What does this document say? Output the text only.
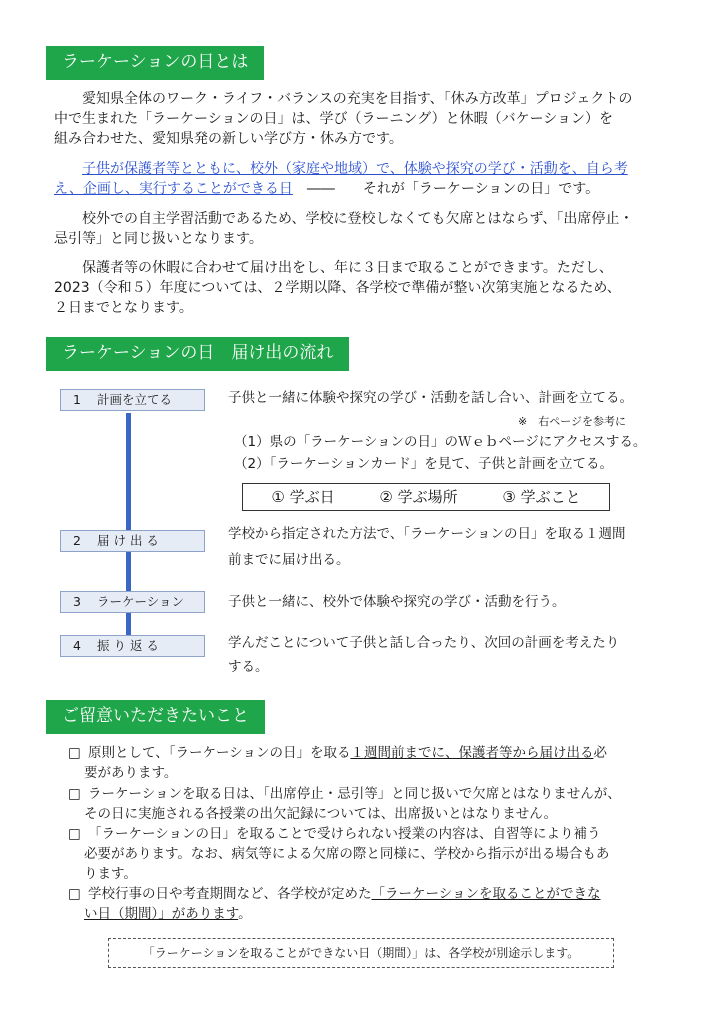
ラーケーションの日とは

愛知県全体のワーク・ライフ・バランスの充実を目指す、「休み方改革」プロジェクトの
中で生まれた「ラーケーションの日」は、学び（ラーニング）と休暇（バケーション）を
組み合わせた、愛知県発の新しい学び方・休み方です。

子供が保護者等とともに、校外（家庭や地域）で、体験や探究の学び・活動を、自ら考
え、企画し、実行することができる日　――　　それが「ラーケーションの日」です。

校外での自主学習活動であるため、学校に登校しなくても欠席とはならず、「出席停止・
忌引等」と同じ扱いとなります。

保護者等の休暇に合わせて届け出をし、年に３日まで取ることができます。ただし、
2023（令和５）年度については、２学期以降、各学校で準備が整い次第実施となるため、
２日までとなります。

ラーケーションの日　届け出の流れ
1 計画を立てる	子供と一緒に体験や探究の学び・活動を話し合い、計画を立てる。

※　右ページを参考に

（1）県の「ラーケーションの日」のＷｅｂページにアクセスする。

（2）「ラーケーションカード」を見て、子供と計画を立てる。

① 学ぶ日	② 学ぶ場所	③ 学ぶこと
2 届 け 出 る	学校から指定された方法で、「ラーケーションの日」を取る１週間
前までに届け出る。

3 ラーケーション	子供と一緒に、校外で体験や探究の学び・活動を行う。

4 振 り 返 る	学んだことについて子供と話し合ったり、次回の計画を考えたり
する。

ご留意いただきたいこと

□ 原則として、「ラーケーションの日」を取る１週間前までに、保護者等から届け出る必
要があります。

□ ラーケーションを取る日は、「出席停止・忌引等」と同じ扱いで欠席とはなりませんが、
その日に実施される各授業の出欠記録については、出席扱いとはなりません。

□ 「ラーケーションの日」を取ることで受けられない授業の内容は、自習等により補う
必要があります。なお、病気等による欠席の際と同様に、学校から指示が出る場合もあ
ります。

□ 学校行事の日や考査期間など、各学校が定めた「ラーケーションを取ることができな
い日（期間）」があります。

「ラーケーションを取ることができない日（期間）」は、各学校が別途示します。
